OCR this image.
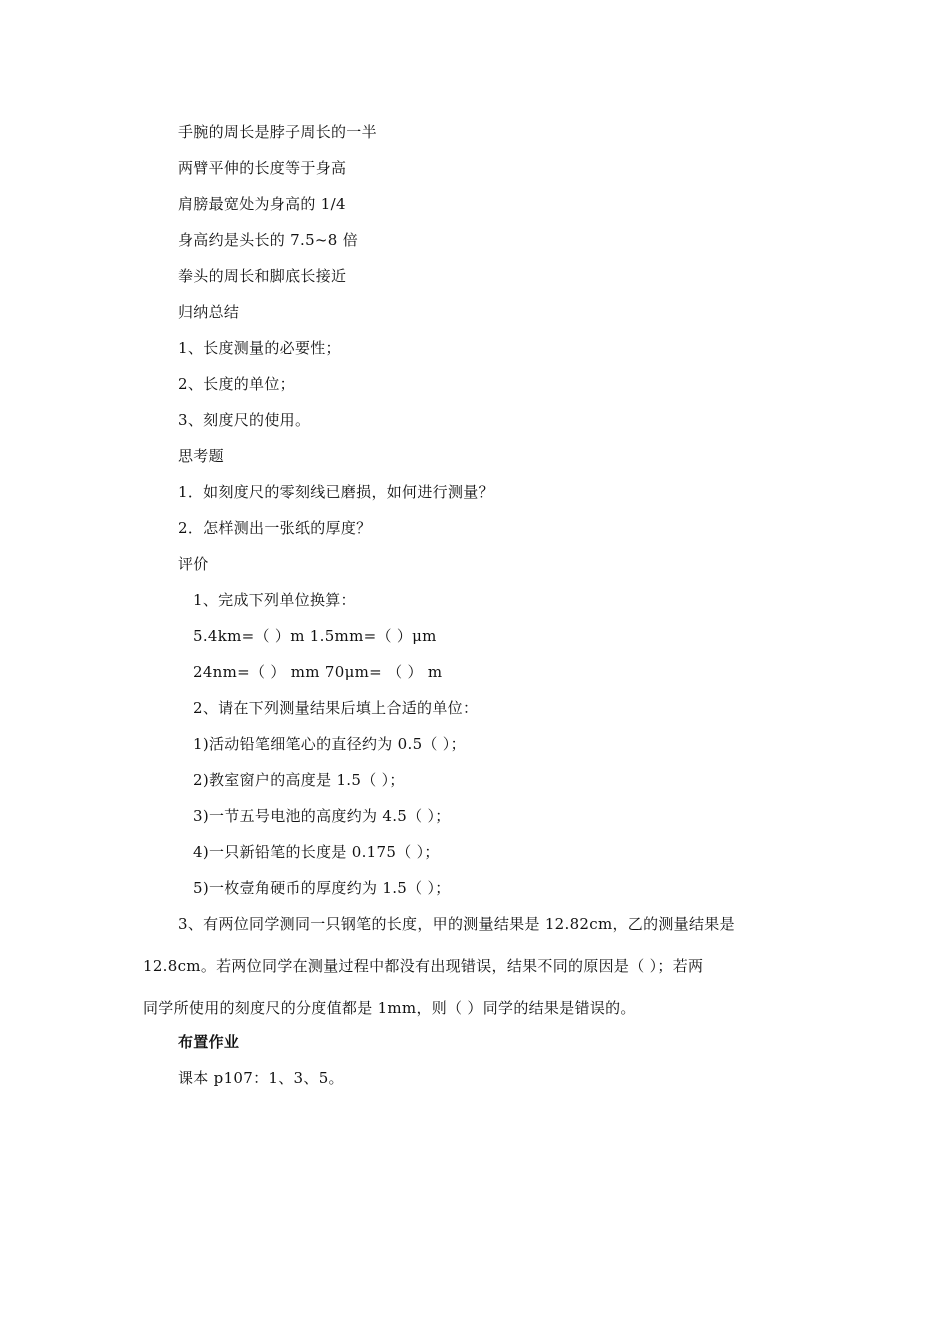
手腕的周长是脖子周长的一半
两臂平伸的长度等于身高
肩膀最宽处为身高的 1/4
身高约是头长的 7.5~8 倍
拳头的周长和脚底长接近
归纳总结
1、长度测量的必要性；
2、长度的单位；
3、刻度尺的使用。
思考题
1．如刻度尺的零刻线已磨损，如何进行测量？
2．怎样测出一张纸的厚度？
评价
1、完成下列单位换算：
5.4km=（ ）m 1.5mm=（ ）μm
24nm=（ ） mm 70μm= （ ） m
2、请在下列测量结果后填上合适的单位：
1)活动铅笔细笔心的直径约为 0.5（ ）；
2)教室窗户的高度是 1.5（ ）；
3)一节五号电池的高度约为 4.5（ ）；
4)一只新铅笔的长度是 0.175（ ）；
5)一枚壹角硬币的厚度约为 1.5（ ）；
3、有两位同学测同一只钢笔的长度，甲的测量结果是 12.82cm，乙的测量结果是
12.8cm。若两位同学在测量过程中都没有出现错误，结果不同的原因是（ ）；若两
同学所使用的刻度尺的分度值都是 1mm，则（ ）同学的结果是错误的。
布置作业
课本 p107：1、3、5。
